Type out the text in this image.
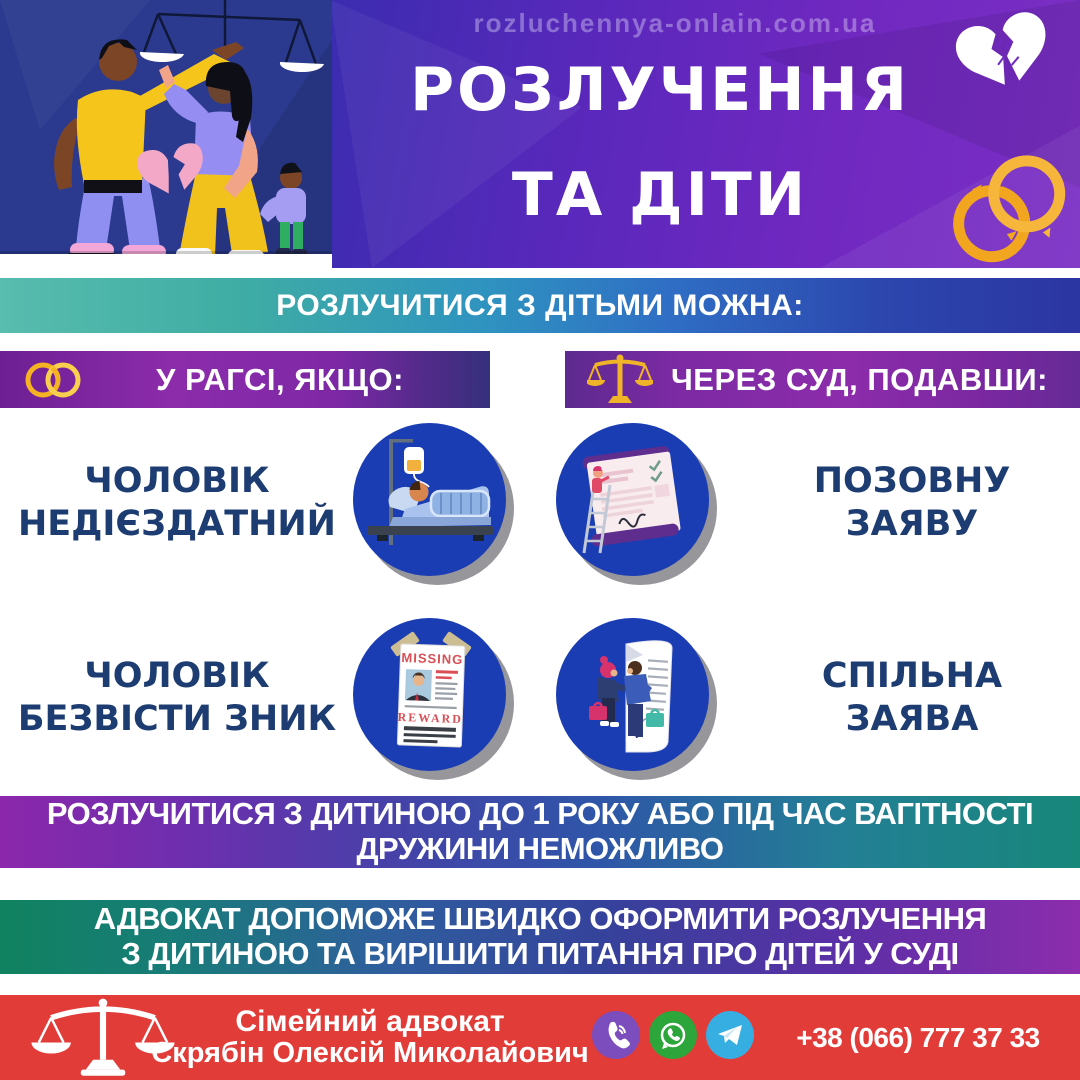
rozluchennya-onlain.com.ua
РОЗЛУЧЕННЯ
ТА ДІТИ
РОЗЛУЧИТИСЯ З ДІТЬМИ МОЖНА:
У РАГСІ, ЯКЩО:	ЧЕРЕЗ СУД, ПОДАВШИ:
ЧОЛОВІК НЕДІЄЗДАТНИЙ
ЧОЛОВІК БЕЗВІСТИ ЗНИК
ПОЗОВНУ ЗАЯВУ
СПІЛЬНА ЗАЯВА
MISSING
REWARD
РОЗЛУЧИТИСЯ З ДИТИНОЮ ДО 1 РОКУ АБО ПІД ЧАС ВАГІТНОСТІ
ДРУЖИНИ НЕМОЖЛИВО
АДВОКАТ ДОПОМОЖЕ ШВИДКО ОФОРМИТИ РОЗЛУЧЕННЯ
З ДИТИНОЮ ТА ВИРІШИТИ ПИТАННЯ ПРО ДІТЕЙ У СУДІ
Сімейний адвокат
Скрябін Олексій Миколайович
+38 (066) 777 37 33
